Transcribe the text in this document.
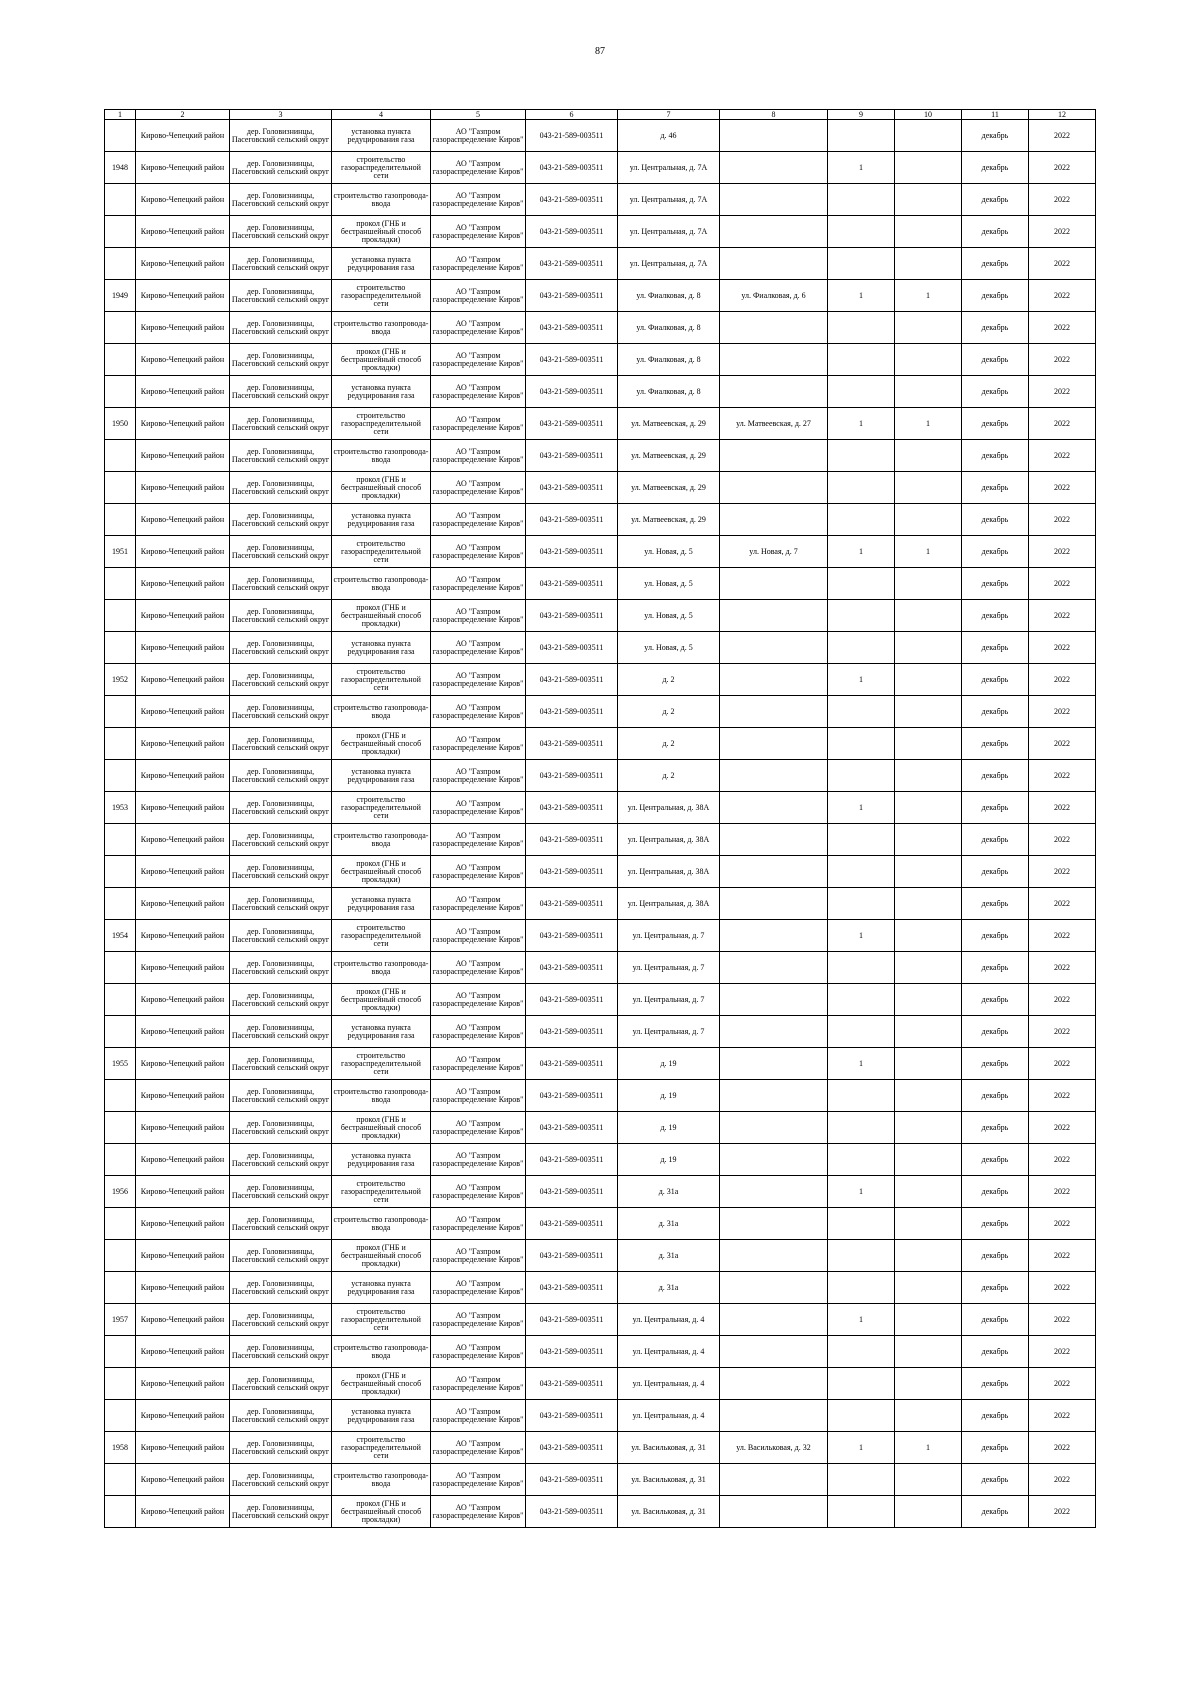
87
1	2	3	4	5	6	7	8	9	10	11	12

	Кирово-Чепецкий район	дер. Головизнинцы, Пасеговский сельский округ	установка пункта редуцирования газа	АО "Газпром газораспределение Киров"	043-21-589-003511	д. 46				декабрь	2022

1948	Кирово-Чепецкий район	дер. Головизнинцы, Пасеговский сельский округ	строительство газораспределительной сети	АО "Газпром газораспределение Киров"	043-21-589-003511	ул. Центральная, д. 7А		1		декабрь	2022

	Кирово-Чепецкий район	дер. Головизнинцы, Пасеговский сельский округ	строительство газопровода-ввода	АО "Газпром газораспределение Киров"	043-21-589-003511	ул. Центральная, д. 7А				декабрь	2022

	Кирово-Чепецкий район	дер. Головизнинцы, Пасеговский сельский округ	прокол (ГНБ и бестраншейный способ прокладки)	АО "Газпром газораспределение Киров"	043-21-589-003511	ул. Центральная, д. 7А				декабрь	2022

	Кирово-Чепецкий район	дер. Головизнинцы, Пасеговский сельский округ	установка пункта редуцирования газа	АО "Газпром газораспределение Киров"	043-21-589-003511	ул. Центральная, д. 7А				декабрь	2022

1949	Кирово-Чепецкий район	дер. Головизнинцы, Пасеговский сельский округ	строительство газораспределительной сети	АО "Газпром газораспределение Киров"	043-21-589-003511	ул. Фиалковая, д. 8	ул. Фиалковая, д. 6	1	1	декабрь	2022

	Кирово-Чепецкий район	дер. Головизнинцы, Пасеговский сельский округ	строительство газопровода-ввода	АО "Газпром газораспределение Киров"	043-21-589-003511	ул. Фиалковая, д. 8				декабрь	2022

	Кирово-Чепецкий район	дер. Головизнинцы, Пасеговский сельский округ	прокол (ГНБ и бестраншейный способ прокладки)	АО "Газпром газораспределение Киров"	043-21-589-003511	ул. Фиалковая, д. 8				декабрь	2022

	Кирово-Чепецкий район	дер. Головизнинцы, Пасеговский сельский округ	установка пункта редуцирования газа	АО "Газпром газораспределение Киров"	043-21-589-003511	ул. Фиалковая, д. 8				декабрь	2022

1950	Кирово-Чепецкий район	дер. Головизнинцы, Пасеговский сельский округ	строительство газораспределительной сети	АО "Газпром газораспределение Киров"	043-21-589-003511	ул. Матвеевская, д. 29	ул. Матвеевская, д. 27	1	1	декабрь	2022

	Кирово-Чепецкий район	дер. Головизнинцы, Пасеговский сельский округ	строительство газопровода-ввода	АО "Газпром газораспределение Киров"	043-21-589-003511	ул. Матвеевская, д. 29				декабрь	2022

	Кирово-Чепецкий район	дер. Головизнинцы, Пасеговский сельский округ	прокол (ГНБ и бестраншейный способ прокладки)	АО "Газпром газораспределение Киров"	043-21-589-003511	ул. Матвеевская, д. 29				декабрь	2022

	Кирово-Чепецкий район	дер. Головизнинцы, Пасеговский сельский округ	установка пункта редуцирования газа	АО "Газпром газораспределение Киров"	043-21-589-003511	ул. Матвеевская, д. 29				декабрь	2022

1951	Кирово-Чепецкий район	дер. Головизнинцы, Пасеговский сельский округ	строительство газораспределительной сети	АО "Газпром газораспределение Киров"	043-21-589-003511	ул. Новая, д. 5	ул. Новая, д. 7	1	1	декабрь	2022

	Кирово-Чепецкий район	дер. Головизнинцы, Пасеговский сельский округ	строительство газопровода-ввода	АО "Газпром газораспределение Киров"	043-21-589-003511	ул. Новая, д. 5				декабрь	2022

	Кирово-Чепецкий район	дер. Головизнинцы, Пасеговский сельский округ	прокол (ГНБ и бестраншейный способ прокладки)	АО "Газпром газораспределение Киров"	043-21-589-003511	ул. Новая, д. 5				декабрь	2022

	Кирово-Чепецкий район	дер. Головизнинцы, Пасеговский сельский округ	установка пункта редуцирования газа	АО "Газпром газораспределение Киров"	043-21-589-003511	ул. Новая, д. 5				декабрь	2022

1952	Кирово-Чепецкий район	дер. Головизнинцы, Пасеговский сельский округ	строительство газораспределительной сети	АО "Газпром газораспределение Киров"	043-21-589-003511	д. 2		1		декабрь	2022

	Кирово-Чепецкий район	дер. Головизнинцы, Пасеговский сельский округ	строительство газопровода-ввода	АО "Газпром газораспределение Киров"	043-21-589-003511	д. 2				декабрь	2022

	Кирово-Чепецкий район	дер. Головизнинцы, Пасеговский сельский округ	прокол (ГНБ и бестраншейный способ прокладки)	АО "Газпром газораспределение Киров"	043-21-589-003511	д. 2				декабрь	2022

	Кирово-Чепецкий район	дер. Головизнинцы, Пасеговский сельский округ	установка пункта редуцирования газа	АО "Газпром газораспределение Киров"	043-21-589-003511	д. 2				декабрь	2022

1953	Кирово-Чепецкий район	дер. Головизнинцы, Пасеговский сельский округ	строительство газораспределительной сети	АО "Газпром газораспределение Киров"	043-21-589-003511	ул. Центральная, д. 38А		1		декабрь	2022

	Кирово-Чепецкий район	дер. Головизнинцы, Пасеговский сельский округ	строительство газопровода-ввода	АО "Газпром газораспределение Киров"	043-21-589-003511	ул. Центральная, д. 38А				декабрь	2022

	Кирово-Чепецкий район	дер. Головизнинцы, Пасеговский сельский округ	прокол (ГНБ и бестраншейный способ прокладки)	АО "Газпром газораспределение Киров"	043-21-589-003511	ул. Центральная, д. 38А				декабрь	2022

	Кирово-Чепецкий район	дер. Головизнинцы, Пасеговский сельский округ	установка пункта редуцирования газа	АО "Газпром газораспределение Киров"	043-21-589-003511	ул. Центральная, д. 38А				декабрь	2022

1954	Кирово-Чепецкий район	дер. Головизнинцы, Пасеговский сельский округ	строительство газораспределительной сети	АО "Газпром газораспределение Киров"	043-21-589-003511	ул. Центральная, д. 7		1		декабрь	2022

	Кирово-Чепецкий район	дер. Головизнинцы, Пасеговский сельский округ	строительство газопровода-ввода	АО "Газпром газораспределение Киров"	043-21-589-003511	ул. Центральная, д. 7				декабрь	2022

	Кирово-Чепецкий район	дер. Головизнинцы, Пасеговский сельский округ	прокол (ГНБ и бестраншейный способ прокладки)	АО "Газпром газораспределение Киров"	043-21-589-003511	ул. Центральная, д. 7				декабрь	2022

	Кирово-Чепецкий район	дер. Головизнинцы, Пасеговский сельский округ	установка пункта редуцирования газа	АО "Газпром газораспределение Киров"	043-21-589-003511	ул. Центральная, д. 7				декабрь	2022

1955	Кирово-Чепецкий район	дер. Головизнинцы, Пасеговский сельский округ	строительство газораспределительной сети	АО "Газпром газораспределение Киров"	043-21-589-003511	д. 19		1		декабрь	2022

	Кирово-Чепецкий район	дер. Головизнинцы, Пасеговский сельский округ	строительство газопровода-ввода	АО "Газпром газораспределение Киров"	043-21-589-003511	д. 19				декабрь	2022

	Кирово-Чепецкий район	дер. Головизнинцы, Пасеговский сельский округ	прокол (ГНБ и бестраншейный способ прокладки)	АО "Газпром газораспределение Киров"	043-21-589-003511	д. 19				декабрь	2022

	Кирово-Чепецкий район	дер. Головизнинцы, Пасеговский сельский округ	установка пункта редуцирования газа	АО "Газпром газораспределение Киров"	043-21-589-003511	д. 19				декабрь	2022

1956	Кирово-Чепецкий район	дер. Головизнинцы, Пасеговский сельский округ	строительство газораспределительной сети	АО "Газпром газораспределение Киров"	043-21-589-003511	д. 31а		1		декабрь	2022

	Кирово-Чепецкий район	дер. Головизнинцы, Пасеговский сельский округ	строительство газопровода-ввода	АО "Газпром газораспределение Киров"	043-21-589-003511	д. 31а				декабрь	2022

	Кирово-Чепецкий район	дер. Головизнинцы, Пасеговский сельский округ	прокол (ГНБ и бестраншейный способ прокладки)	АО "Газпром газораспределение Киров"	043-21-589-003511	д. 31а				декабрь	2022

	Кирово-Чепецкий район	дер. Головизнинцы, Пасеговский сельский округ	установка пункта редуцирования газа	АО "Газпром газораспределение Киров"	043-21-589-003511	д. 31а				декабрь	2022

1957	Кирово-Чепецкий район	дер. Головизнинцы, Пасеговский сельский округ	строительство газораспределительной сети	АО "Газпром газораспределение Киров"	043-21-589-003511	ул. Центральная, д. 4		1		декабрь	2022

	Кирово-Чепецкий район	дер. Головизнинцы, Пасеговский сельский округ	строительство газопровода-ввода	АО "Газпром газораспределение Киров"	043-21-589-003511	ул. Центральная, д. 4				декабрь	2022

	Кирово-Чепецкий район	дер. Головизнинцы, Пасеговский сельский округ	прокол (ГНБ и бестраншейный способ прокладки)	АО "Газпром газораспределение Киров"	043-21-589-003511	ул. Центральная, д. 4				декабрь	2022

	Кирово-Чепецкий район	дер. Головизнинцы, Пасеговский сельский округ	установка пункта редуцирования газа	АО "Газпром газораспределение Киров"	043-21-589-003511	ул. Центральная, д. 4				декабрь	2022

1958	Кирово-Чепецкий район	дер. Головизнинцы, Пасеговский сельский округ	строительство газораспределительной сети	АО "Газпром газораспределение Киров"	043-21-589-003511	ул. Васильковая, д. 31	ул. Васильковая, д. 32	1	1	декабрь	2022

	Кирово-Чепецкий район	дер. Головизнинцы, Пасеговский сельский округ	строительство газопровода-ввода	АО "Газпром газораспределение Киров"	043-21-589-003511	ул. Васильковая, д. 31				декабрь	2022

	Кирово-Чепецкий район	дер. Головизнинцы, Пасеговский сельский округ	прокол (ГНБ и бестраншейный способ прокладки)	АО "Газпром газораспределение Киров"	043-21-589-003511	ул. Васильковая, д. 31				декабрь	2022
